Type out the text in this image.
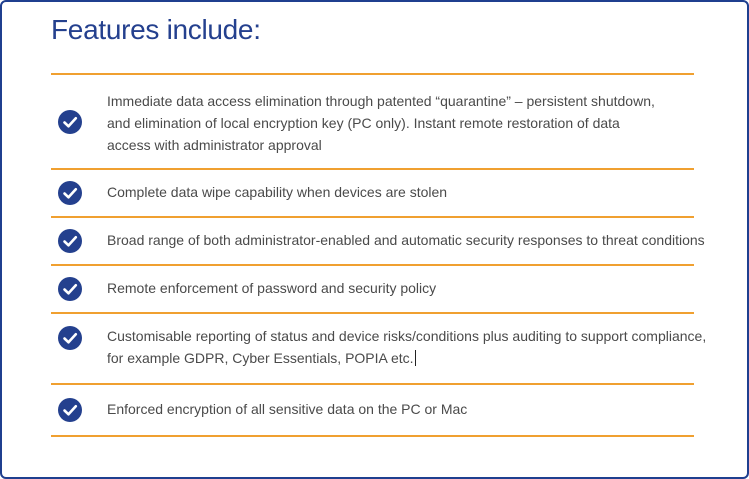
Features include:
Immediate data access elimination through patented “quarantine” – persistent shutdown,
and elimination of local encryption key (PC only). Instant remote restoration of data
access with administrator approval
Complete data wipe capability when devices are stolen
Broad range of both administrator-enabled and automatic security responses to threat conditions
Remote enforcement of password and security policy
Customisable reporting of status and device risks/conditions plus auditing to support compliance,
for example GDPR, Cyber Essentials, POPIA etc.
Enforced encryption of all sensitive data on the PC or Mac
